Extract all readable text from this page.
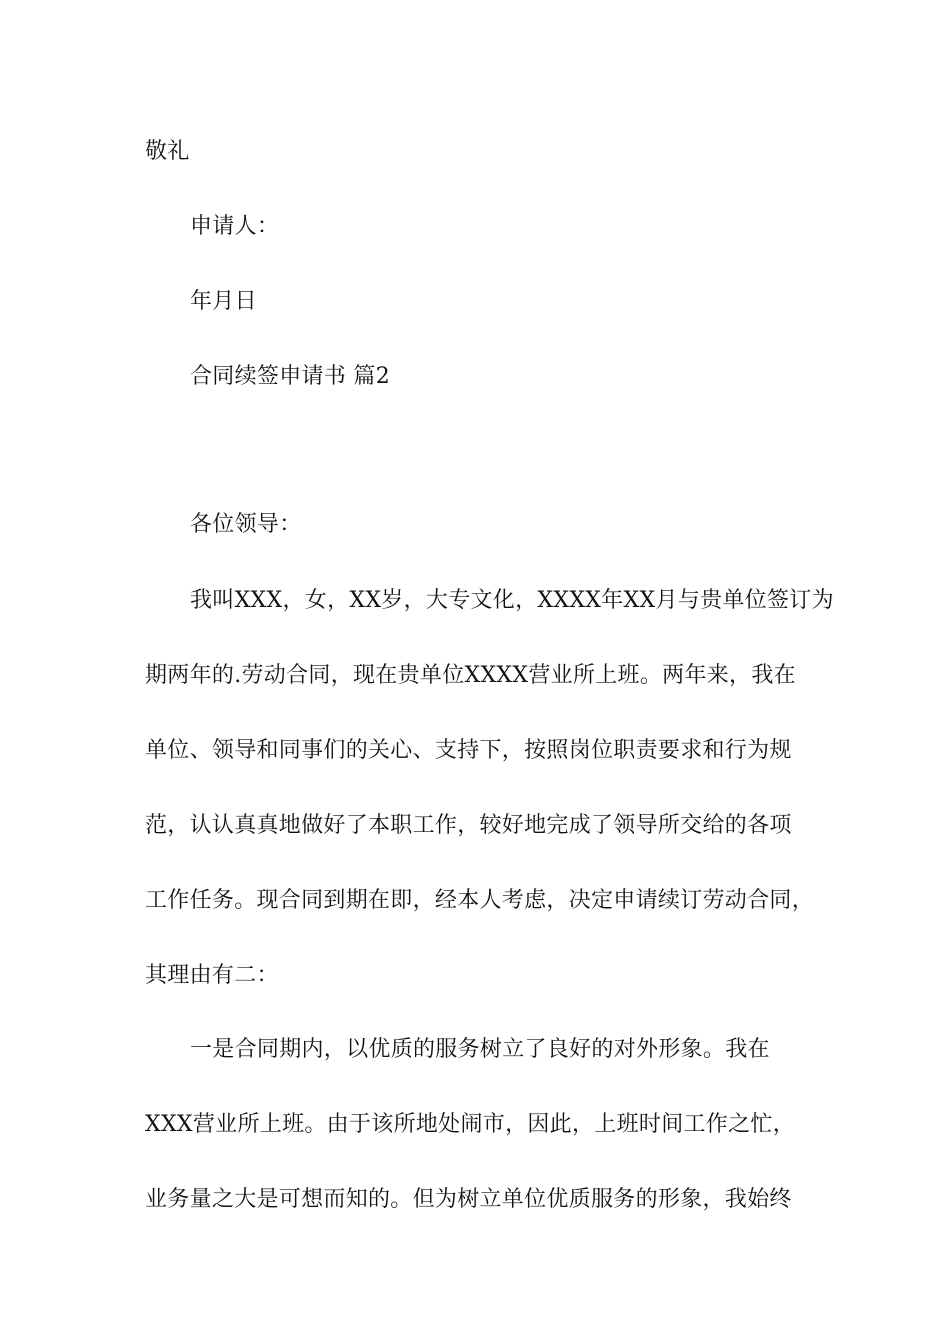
敬礼
申请人：
年月日
合同续签申请书 篇2
各位领导：
我叫XXX，女，XX岁，大专文化，XXXX年XX月与贵单位签订为
期两年的.劳动合同，现在贵单位XXXX营业所上班。两年来，我在
单位、领导和同事们的关心、支持下，按照岗位职责要求和行为规
范，认认真真地做好了本职工作，较好地完成了领导所交给的各项
工作任务。现合同到期在即，经本人考虑，决定申请续订劳动合同，
其理由有二：
一是合同期内，以优质的服务树立了良好的对外形象。我在
XXX营业所上班。由于该所地处闹市，因此，上班时间工作之忙，
业务量之大是可想而知的。但为树立单位优质服务的形象，我始终
